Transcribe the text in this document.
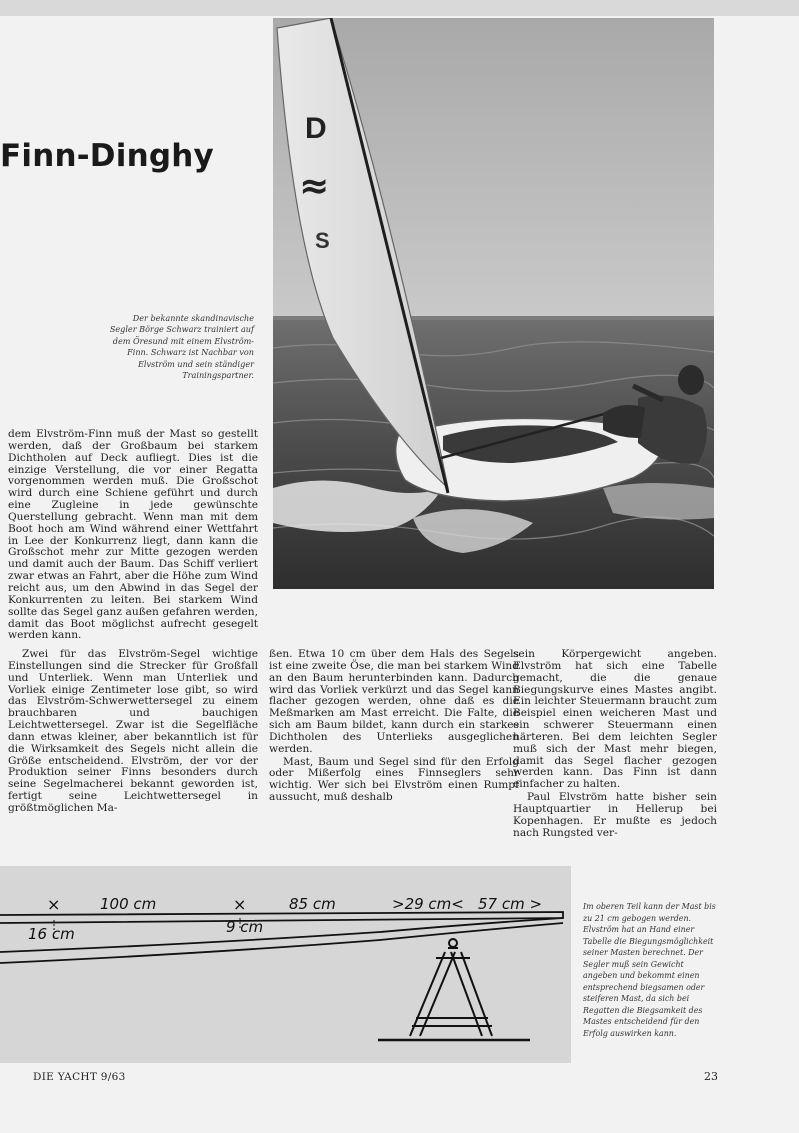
Finn-Dinghy
Der bekannte skandinavische Segler Börge Schwarz trainiert auf dem Öresund mit einem Elvström-Finn. Schwarz ist Nachbar von Elvström und sein ständiger Trainingspartner.
D
≈
S

dem Elvström-Finn muß der Mast so gestellt werden, daß der Großbaum bei starkem Dichtholen auf Deck aufliegt. Dies ist die einzige Verstellung, die vor einer Regatta vorgenommen werden muß. Die Großschot wird durch eine Schiene geführt und durch eine Zugleine in jede gewünschte Querstellung gebracht. Wenn man mit dem Boot hoch am Wind während einer Wettfahrt in Lee der Konkurrenz liegt, dann kann die Großschot mehr zur Mitte gezogen werden und damit auch der Baum. Das Schiff verliert zwar etwas an Fahrt, aber die Höhe zum Wind reicht aus, um den Abwind in das Segel der Konkurrenten zu leiten. Bei starkem Wind sollte das Segel ganz außen gefahren werden, damit das Boot möglichst aufrecht gesegelt werden kann.

Zwei für das Elvström-Segel wichtige Einstellungen sind die Strecker für Großfall und Unterliek. Wenn man Unterliek und Vorliek einige Zentimeter lose gibt, so wird das Elvström-Schwerwettersegel zu einem brauchbaren und bauchigen Leichtwettersegel. Zwar ist die Segelfläche dann etwas kleiner, aber bekanntlich ist für die Wirksamkeit des Segels nicht allein die Größe entscheidend. Elvström, der vor der Produktion seiner Finns besonders durch seine Segelmacherei bekannt geworden ist, fertigt seine Leichtwettersegel in größtmöglichen Ma-

ßen. Etwa 10 cm über dem Hals des Segels ist eine zweite Öse, die man bei starkem Wind an den Baum herunterbinden kann. Dadurch wird das Vorliek verkürzt und das Segel kann flacher gezogen werden, ohne daß es die Meßmarken am Mast erreicht. Die Falte, die sich am Baum bildet, kann durch ein starkes Dichtholen des Unterlieks ausgeglichen werden.

Mast, Baum und Segel sind für den Erfolg oder Mißerfolg eines Finnseglers sehr wichtig. Wer sich bei Elvström einen Rumpf aussucht, muß deshalb

sein Körpergewicht angeben. Elvström hat sich eine Tabelle gemacht, die die genaue Biegungskurve eines Mastes angibt. Ein leichter Steuermann braucht zum Beispiel einen weicheren Mast und ein schwerer Steuermann einen härteren. Bei dem leichten Segler muß sich der Mast mehr biegen, damit das Segel flacher gezogen werden kann. Das Finn ist dann einfacher zu halten.

Paul Elvström hatte bisher sein Hauptquartier in Hellerup bei Kopenhagen. Er mußte es jedoch nach Rungsted ver-

×	×
100 cm	85 cm	>29 cm< 57 cm >
16 cm	9 cm
Im oberen Teil kann der Mast bis zu 21 cm gebogen werden. Elvström hat an Hand einer Tabelle die Biegungsmöglichkeit seiner Masten berechnet. Der Segler muß sein Gewicht angeben und bekommt einen entsprechend biegsamen oder steiferen Mast, da sich bei Regatten die Biegsamkeit des Mastes entscheidend für den Erfolg auswirken kann.
DIE YACHT 9/63	23
